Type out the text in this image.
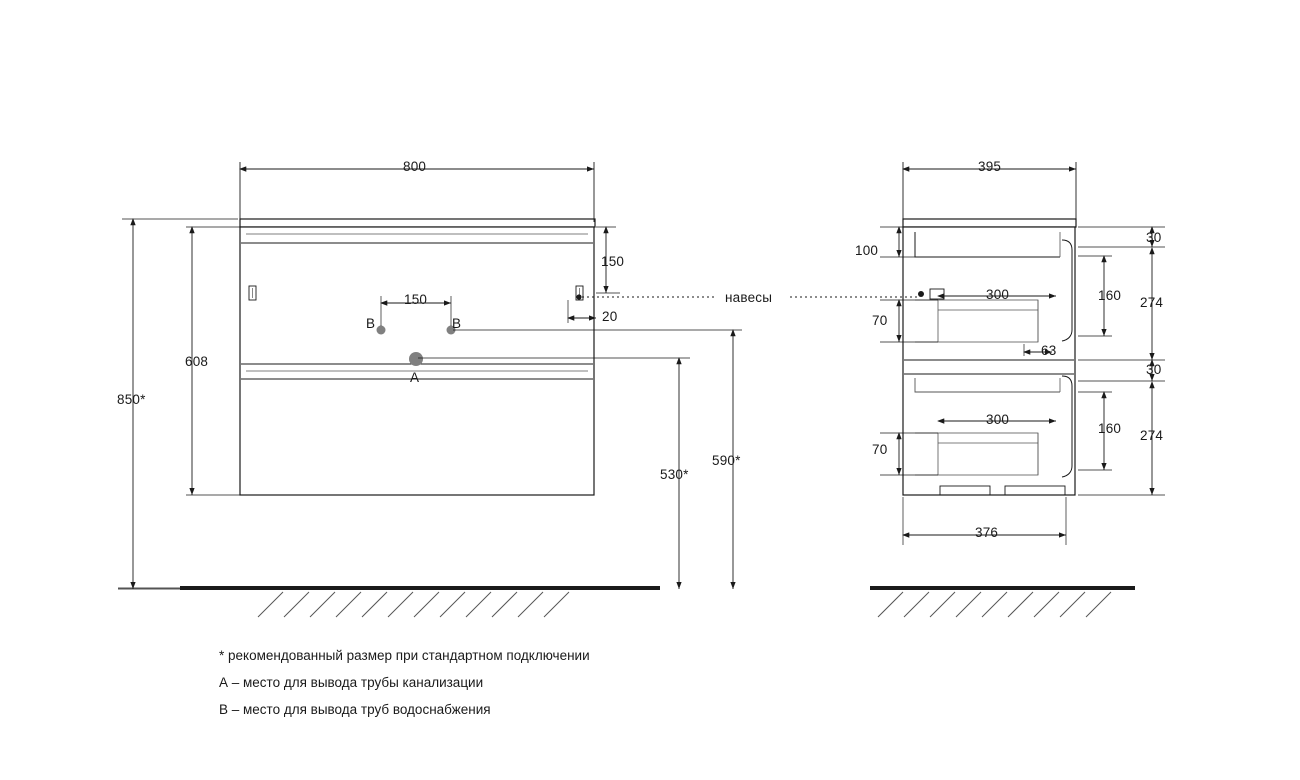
800
850*
608
150
20
150
530*
590*
B	B
A
навесы
395
376
100
70
70
300
300
63
30
160 274
30
160 274
* рекомендованный размер при стандартном подключении
А – место для вывода трубы канализации
В – место для вывода труб водоснабжения
